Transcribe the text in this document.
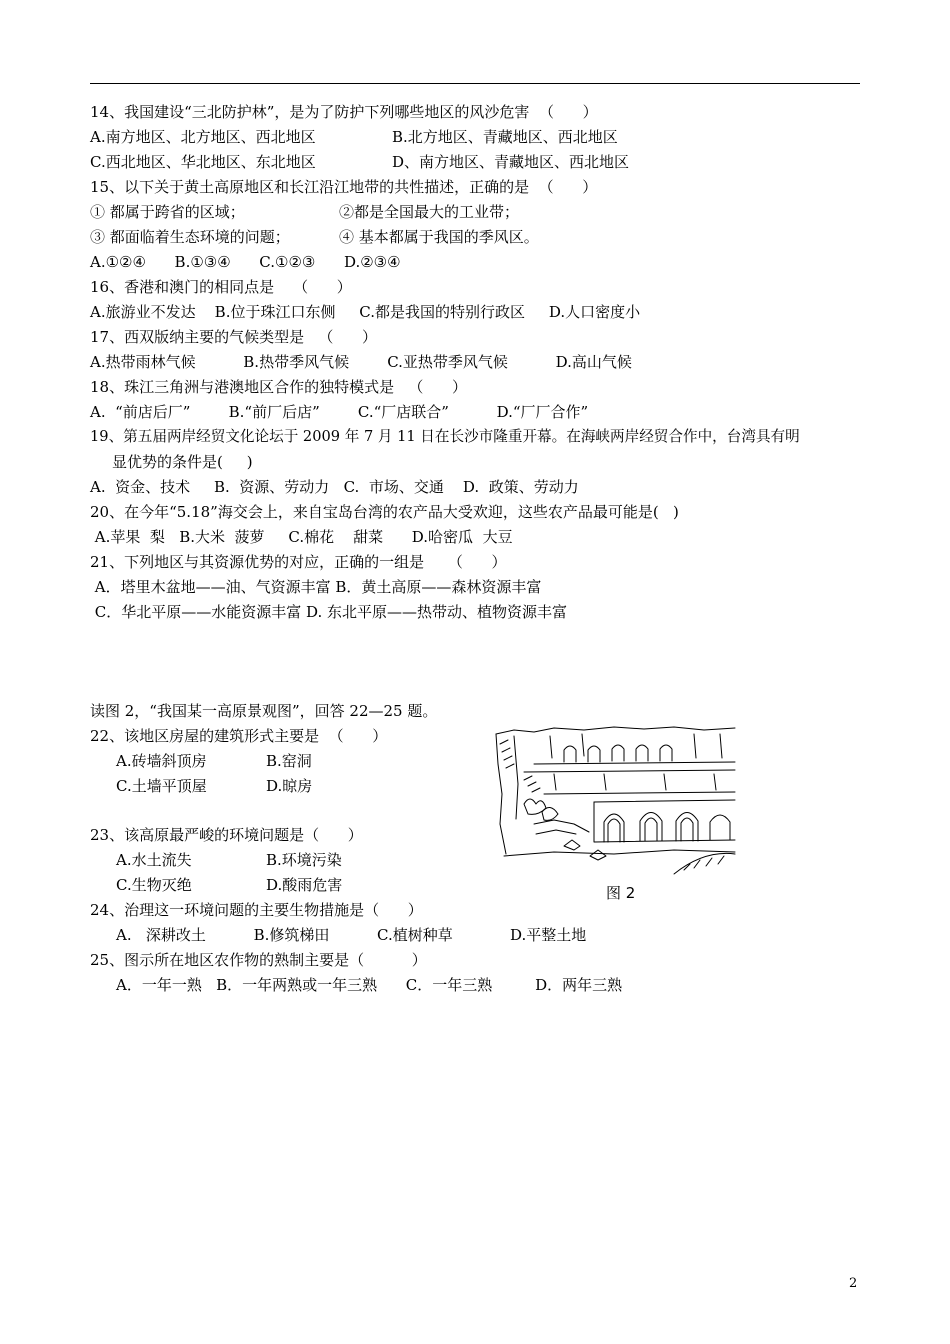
14、我国建设“三北防护林”，是为了防护下列哪些地区的风沙危害  （      ）
A.南方地区、北方地区、西北地区	B.北方地区、青藏地区、西北地区
C.西北地区、华北地区、东北地区	D、南方地区、青藏地区、西北地区
15、以下关于黄土高原地区和长江沿江地带的共性描述，正确的是  （      ）
① 都属于跨省的区域；	②都是全国最大的工业带；
③ 都面临着生态环境的问题；	④ 基本都属于我国的季风区。
A.①②④      B.①③④      C.①②③      D.②③④
16、香港和澳门的相同点是    （      ）
A.旅游业不发达    B.位于珠江口东侧     C.都是我国的特别行政区     D.人口密度小
17、西双版纳主要的气候类型是   （      ）
A.热带雨林气候          B.热带季风气候        C.亚热带季风气候          D.高山气候
18、珠江三角洲与港澳地区合作的独特模式是   （      ）
A.  “前店后厂”        B.“前厂后店”        C.“厂店联合”          D.“厂厂合作”
19、第五届两岸经贸文化论坛于 2009 年 7 月 11 日在长沙市隆重开幕。在海峡两岸经贸合作中，台湾具有明
显优势的条件是(     )
A.  资金、技术     B.  资源、劳动力   C.  市场、交通    D.  政策、劳动力
20、在今年“5.18”海交会上，来自宝岛台湾的农产品大受欢迎，这些农产品最可能是(   )
A.苹果  梨   B.大米  菠萝     C.棉花    甜菜      D.哈密瓜  大豆
21、下列地区与其资源优势的对应，正确的一组是     （      ）
A．塔里木盆地——油、气资源丰富 B．黄土高原——森林资源丰富
C．华北平原——水能资源丰富 D. 东北平原——热带动、植物资源丰富
读图 2，“我国某一高原景观图”，回答 22—25 题。
22、该地区房屋的建筑形式主要是  （      ）
A.砖墙斜顶房	B.窑洞
C.土墙平顶屋	D.晾房
23、该高原最严峻的环境问题是（      ）
A.水土流失	B.环境污染
C.生物灭绝	D.酸雨危害
24、治理这一环境问题的主要生物措施是（      ）
A.   深耕改土          B.修筑梯田          C.植树种草            D.平整土地
25、图示所在地区农作物的熟制主要是（          ）
A．一年一熟   B．一年两熟或一年三熟      C．一年三熟         D．两年三熟
图 2
2
